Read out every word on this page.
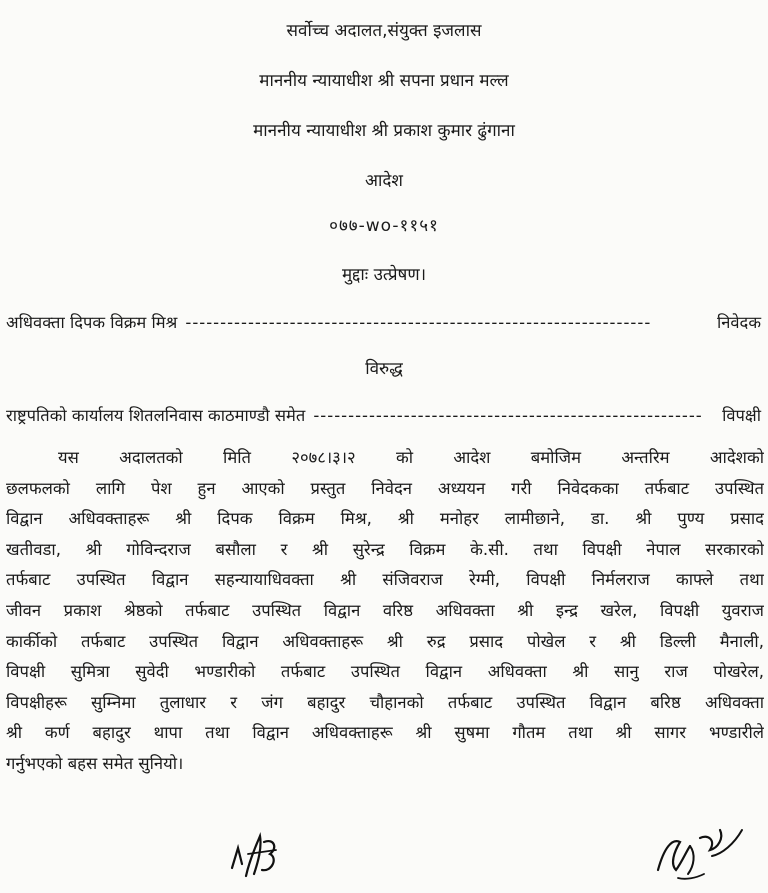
सर्वोच्च अदालत,संयुक्त इजलास
माननीय न्यायाधीश श्री सपना प्रधान मल्ल
माननीय न्यायाधीश श्री प्रकाश कुमार ढुंगाना
आदेश
०७७-wo-११५१
मुद्दाः उत्प्रेषण।
अधिवक्ता दिपक विक्रम मिश्र -------------------------------------------------------------------	निवेदक
विरुद्ध
राष्ट्रपतिको कार्यालय शितलनिवास काठमाण्डौ समेत --------------------------------------------------------	विपक्षी
यस अदालतको मिति २०७८।३।२ को आदेश बमोजिम अन्तरिम आदेशको
छलफलको लागि पेश हुन आएको प्रस्तुत निवेदन अध्ययन गरी निवेदकका तर्फबाट उपस्थित
विद्वान अधिवक्ताहरू श्री दिपक विक्रम मिश्र, श्री मनोहर लामीछाने, डा. श्री पुण्य प्रसाद
खतीवडा, श्री गोविन्दराज बसौला र श्री सुरेन्द्र विक्रम के.सी. तथा विपक्षी नेपाल सरकारको
तर्फबाट उपस्थित विद्वान सहन्यायाधिवक्ता श्री संजिवराज रेग्मी, विपक्षी निर्मलराज काफ्ले तथा
जीवन प्रकाश श्रेष्ठको तर्फबाट उपस्थित विद्वान वरिष्ठ अधिवक्ता श्री इन्द्र खरेल, विपक्षी युवराज
कार्कीको तर्फबाट उपस्थित विद्वान अधिवक्ताहरू श्री रुद्र प्रसाद पोखेल र श्री डिल्ली मैनाली,
विपक्षी सुमित्रा सुवेदी भण्डारीको तर्फबाट उपस्थित विद्वान अधिवक्ता श्री सानु राज पोखरेल,
विपक्षीहरू सुम्निमा तुलाधार र जंग बहादुर चौहानको तर्फबाट उपस्थित विद्वान बरिष्ठ अधिवक्ता
श्री कर्ण बहादुर थापा तथा विद्वान अधिवक्ताहरू श्री सुषमा गौतम तथा श्री सागर भण्डारीले
गर्नुभएको बहस समेत सुनियो।
